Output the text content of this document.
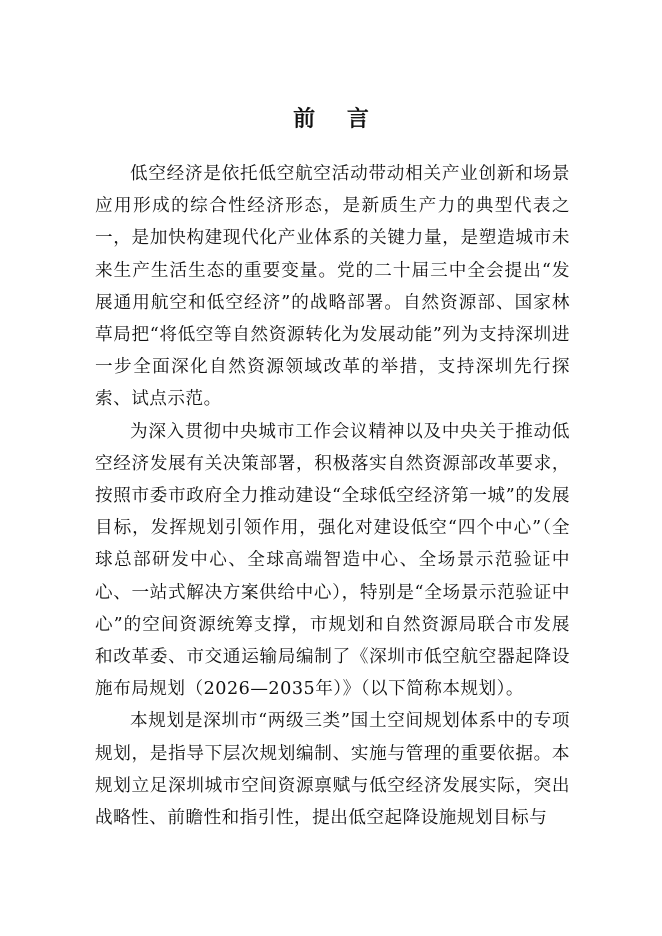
前 言

低空经济是依托低空航空活动带动相关产业创新和场景应用形成的综合性经济形态，是新质生产力的典型代表之一，是加快构建现代化产业体系的关键力量，是塑造城市未来生产生活生态的重要变量。党的二十届三中全会提出“发展通用航空和低空经济”的战略部署。自然资源部、国家林草局把“将低空等自然资源转化为发展动能”列为支持深圳进一步全面深化自然资源领域改革的举措，支持深圳先行探索、试点示范。

为深入贯彻中央城市工作会议精神以及中央关于推动低空经济发展有关决策部署，积极落实自然资源部改革要求，按照市委市政府全力推动建设“全球低空经济第一城”的发展目标，发挥规划引领作用，强化对建设低空“四个中心”（全球总部研发中心、全球高端智造中心、全场景示范验证中心、一站式解决方案供给中心），特别是“全场景示范验证中心”的空间资源统筹支撑，市规划和自然资源局联合市发展和改革委、市交通运输局编制了《深圳市低空航空器起降设施布局规划（2026—2035年）》（以下简称本规划）。

本规划是深圳市“两级三类”国土空间规划体系中的专项规划，是指导下层次规划编制、实施与管理的重要依据。本规划立足深圳城市空间资源禀赋与低空经济发展实际，突出战略性、前瞻性和指引性，提出低空起降设施规划目标与
